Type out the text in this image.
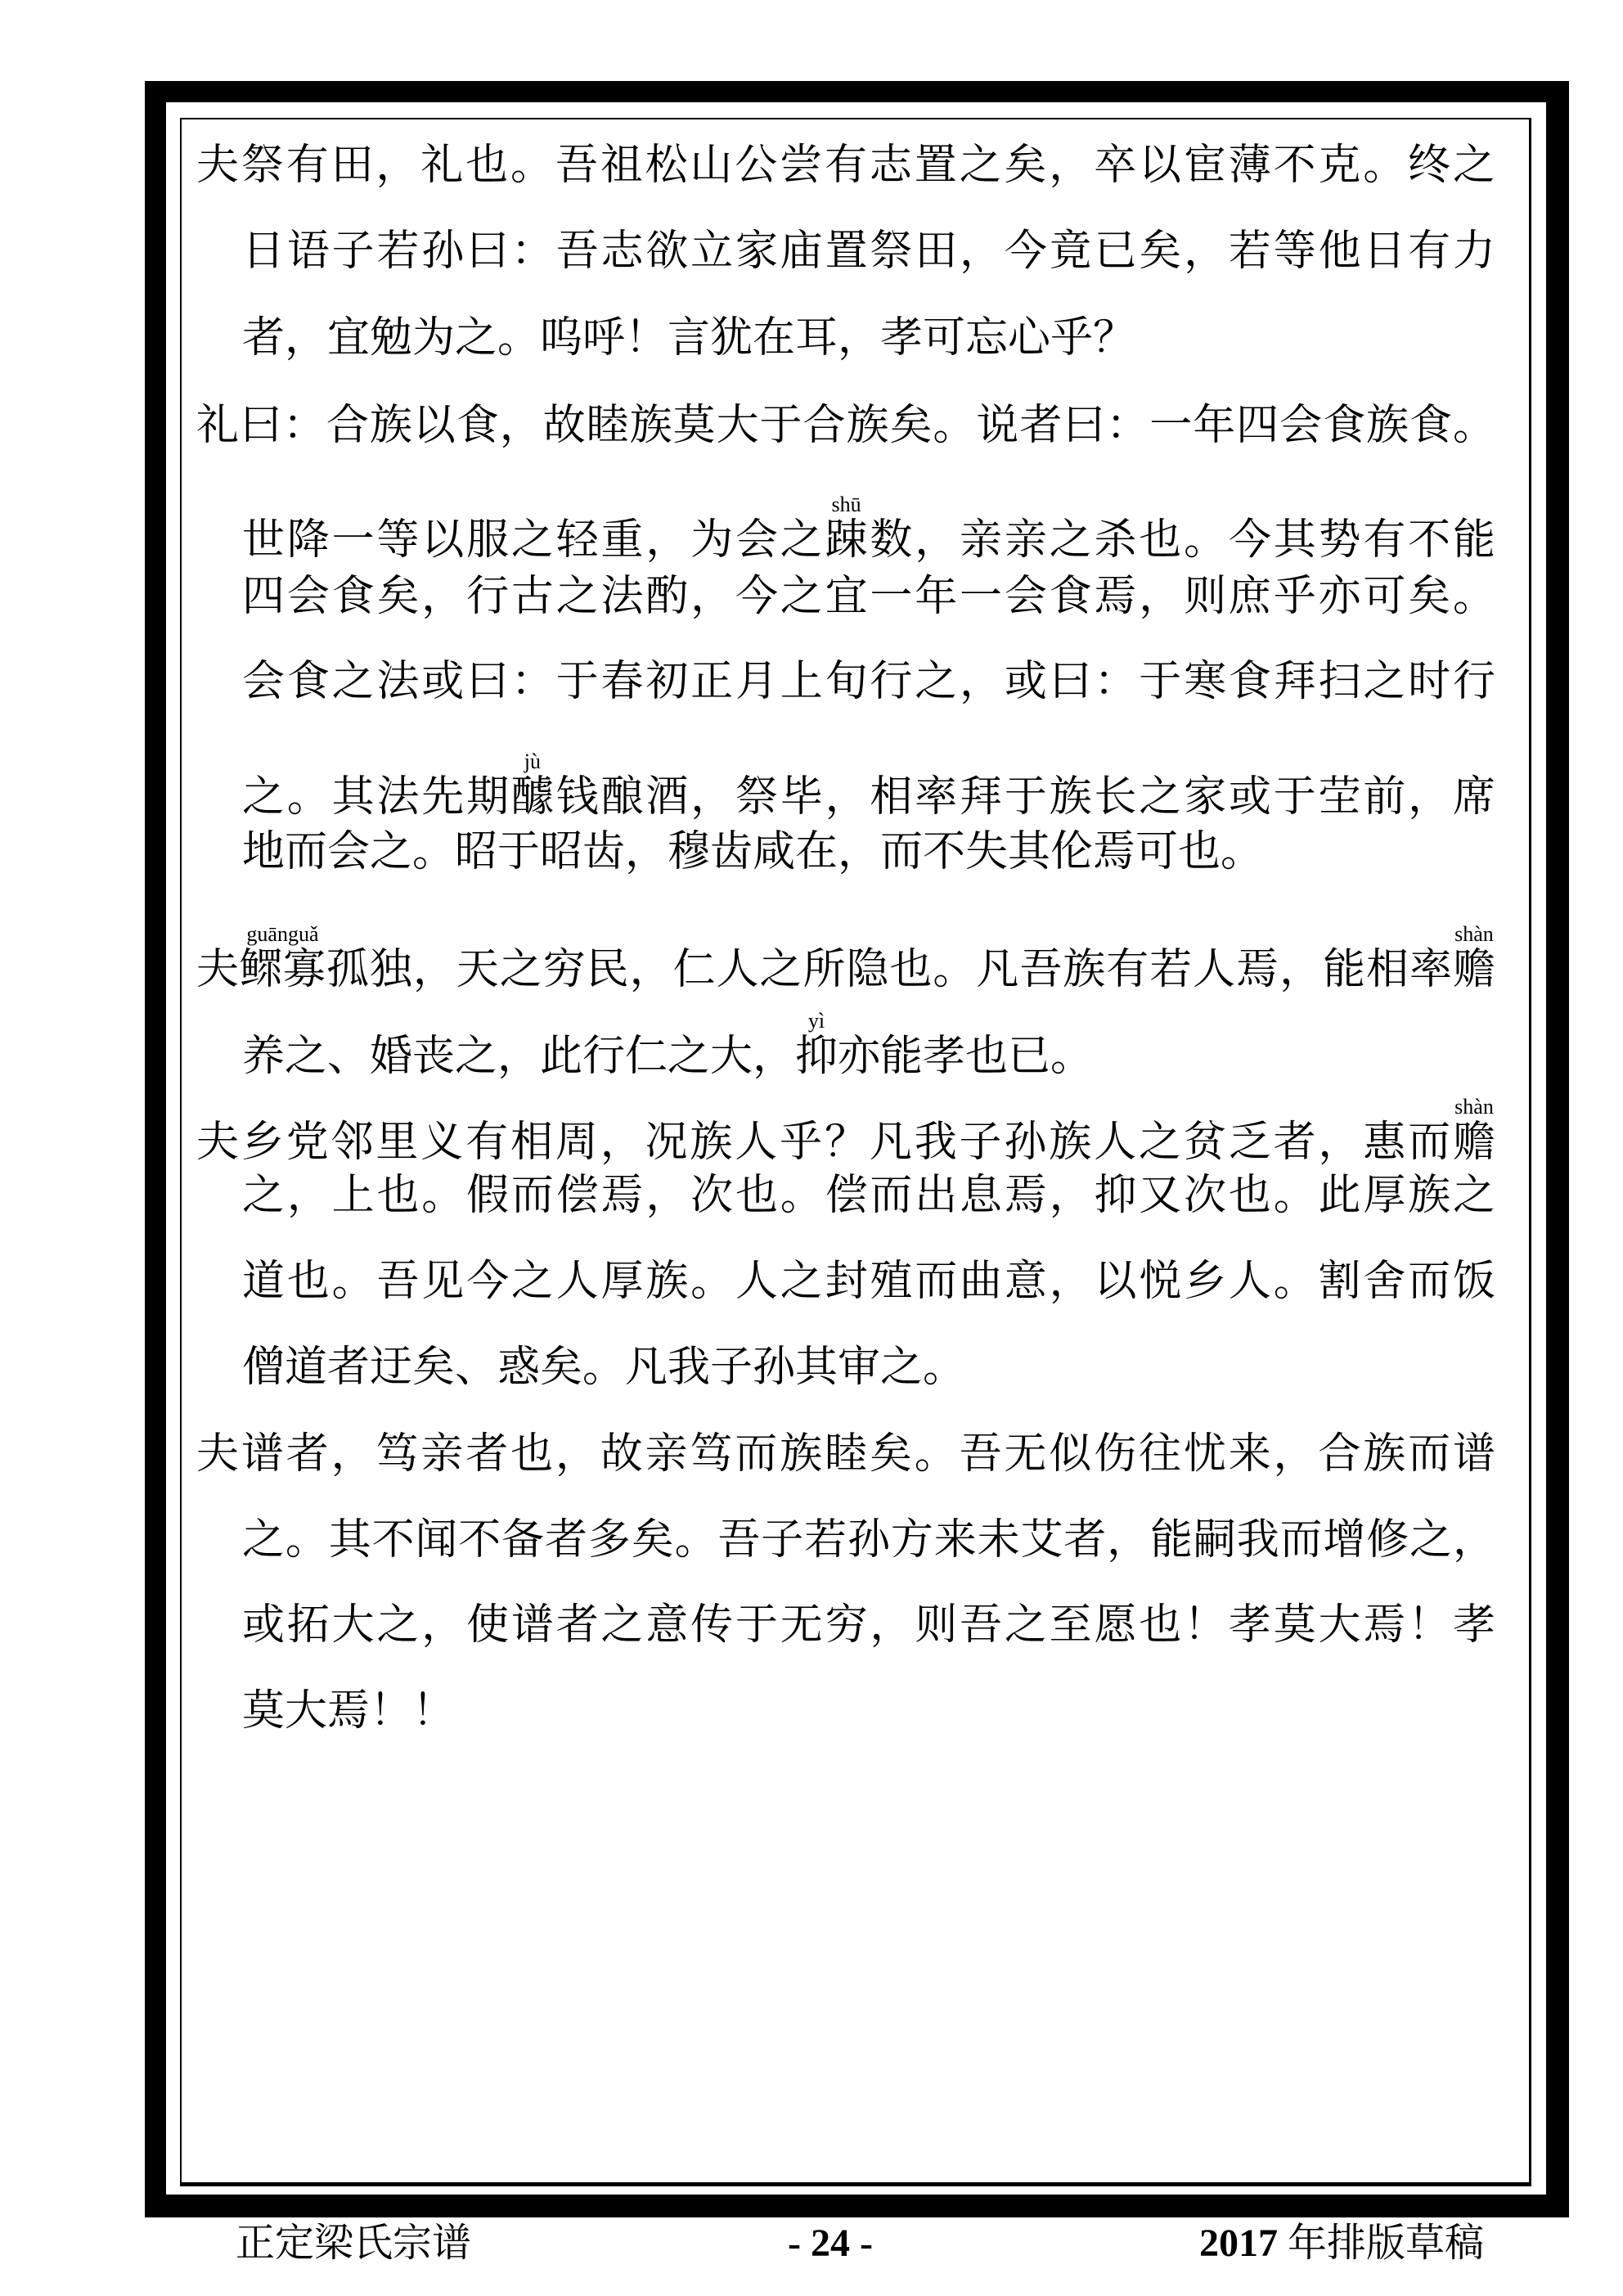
夫祭有田，礼也。吾祖松山公尝有志置之矣，卒以宦薄不克。终之
日语子若孙曰：吾志欲立家庙置祭田，今竟已矣，若等他日有力
者，宜勉为之。呜呼！言犹在耳，孝可忘心乎？
礼曰：合族以食，故睦族莫大于合族矣。说者曰：一年四会食族食。
世降一等以服之轻重，为会之踈shū数，亲亲之杀也。今其势有不能
四会食矣，行古之法酌，今之宜一年一会食焉，则庶乎亦可矣。
会食之法或曰：于春初正月上旬行之，或曰：于寒食拜扫之时行
之。其法先期醵jù钱酿酒，祭毕，相率拜于族长之家或于茔前，席
地而会之。昭于昭齿，穆齿咸在，而不失其伦焉可也。
夫鳏寡guānguǎ孤独，天之穷民，仁人之所隐也。凡吾族有若人焉，能相率赡shàn
养之、婚丧之，此行仁之大，抑yì亦能孝也已。
夫乡党邻里义有相周，况族人乎？凡我子孙族人之贫乏者，惠而赡shàn
之，上也。假而偿焉，次也。偿而出息焉，抑又次也。此厚族之
道也。吾见今之人厚族。人之封殖而曲意，以悦乡人。割舍而饭
僧道者迂矣、惑矣。凡我子孙其审之。
夫谱者，笃亲者也，故亲笃而族睦矣。吾无似伤往忧来，合族而谱
之。其不闻不备者多矣。吾子若孙方来未艾者，能嗣我而增修之，
或拓大之，使谱者之意传于无穷，则吾之至愿也！孝莫大焉！孝
莫大焉！！
正定梁氏宗谱	- 24 -	2017 年排版草稿
